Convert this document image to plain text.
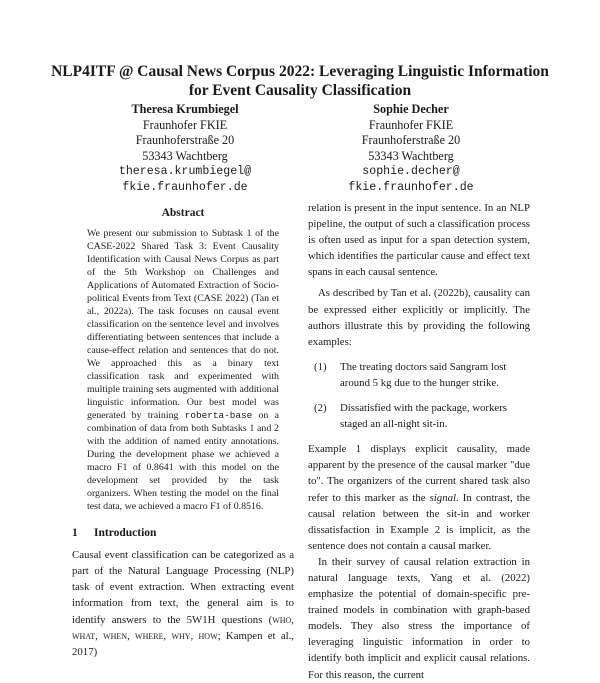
NLP4ITF @ Causal News Corpus 2022: Leveraging Linguistic Information
for Event Causality Classification
Theresa Krumbiegel
Fraunhofer FKIE
Fraunhoferstraße 20
53343 Wachtberg
theresa.krumbiegel@
fkie.fraunhofer.de
Sophie Decher
Fraunhofer FKIE
Fraunhoferstraße 20
53343 Wachtberg
sophie.decher@
fkie.fraunhofer.de
Abstract

We present our submission to Subtask 1 of the CASE-2022 Shared Task 3: Event Causality Identification with Causal News Corpus as part of the 5th Workshop on Challenges and Applications of Automated Extraction of Socio-political Events from Text (CASE 2022) (Tan et al., 2022a). The task focuses on causal event classification on the sentence level and involves differentiating between sentences that include a cause-effect relation and sentences that do not. We approached this as a binary text classification task and experimented with multiple training sets augmented with additional linguistic information. Our best model was generated by training roberta-base on a combination of data from both Subtasks 1 and 2 with the addition of named entity annotations. During the development phase we achieved a macro F1 of 0.8641 with this model on the development set provided by the task organizers. When testing the model on the final test data, we achieved a macro F1 of 0.8516.

1 Introduction

Causal event classification can be categorized as a part of the Natural Language Processing (NLP) task of event extraction. When extracting event information from text, the general aim is to identify answers to the 5W1H questions (who, what, when, where, why, how; Kampen et al., 2017)

relation is present in the input sentence. In an NLP pipeline, the output of such a classification process is often used as input for a span detection system, which identifies the particular cause and effect text spans in each causal sentence.

As described by Tan et al. (2022b), causality can be expressed either explicitly or implicitly. The authors illustrate this by providing the following examples:

(1)	The treating doctors said Sangram lost around 5 kg due to the hunger strike.
(2)	Dissatisfied with the package, workers staged an all-night sit-in.

Example 1 displays explicit causality, made apparent by the presence of the causal marker "due to". The organizers of the current shared task also refer to this marker as the signal. In contrast, the causal relation between the sit-in and worker dissatisfaction in Example 2 is implicit, as the sentence does not contain a causal marker.

In their survey of causal relation extraction in natural language texts, Yang et al. (2022) emphasize the potential of domain-specific pre-trained models in combination with graph-based models. They also stress the importance of leveraging linguistic information in order to identify both implicit and explicit causal relations. For this reason, the current
